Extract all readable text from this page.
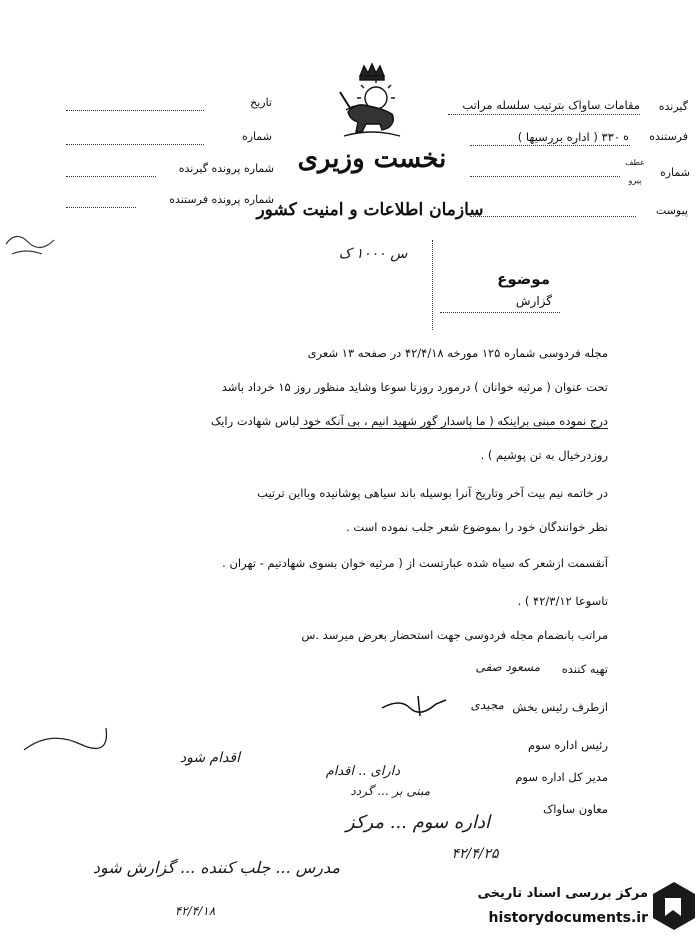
نخست وزیری
سازمان اطلاعات و امنیت کشور
تاریخ
شماره
شماره پرونده گیرنده
شماره پرونده فرستنده
گیرنده
مقامات ساواک بترتیب سلسله مراتب
فرستنده
ه
۳۳۰ ( اداره بررسیها )
شماره
عطف
پیرو
پیوست
س ۱۰۰۰ ک
موضوع
گزارش
مجله فردوسی شماره ۱۲۵ مورخه ۴۲/۴/۱۸ در صفحه ۱۳ شعری
تحت عنوان ( مرثیه خوانان ) درمورد روزتا سوعا وشاید منظور روز ۱۵ خرداد باشد
درج نموده مبنی براینکه ( ما پاسدار گور شهید انیم ، بی آنکه خود لباس شهادت رایک
روزدرخیال به تن پوشیم ) .
در خاتمه نیم بیت آخر وتاریخ آنرا بوسیله باند سیاهی پوشانیده وبااین ترتیب
نظر خوانندگان خود را بموضوع شعر جلب نموده است .
آنقسمت ازشعر که سیاه شده عبارتست از ( مرثیه خوان بسوی شهادتیم - تهران .
تاسوعا ۴۲/۳/۱۲ ) .
مراتب بانضمام مجله فردوسی جهت استحضار بعرض میرسد .س
تهیه کننده
مسعود صفی
ازطرف رئیس بخش
مجیدی
رئیس اداره سوم
مدیر کل اداره سوم
معاون ساواک
اقدام شود
دارای .. اقدام
مبنی بر ... گردد
اداره سوم ... مرکز
مدرس ... جلب کننده ... گزارش شود
۴۲/۴/۲۵
۴۲/۴/۱۸
مرکز بررسی اسناد تاریخی
historydocuments.ir
